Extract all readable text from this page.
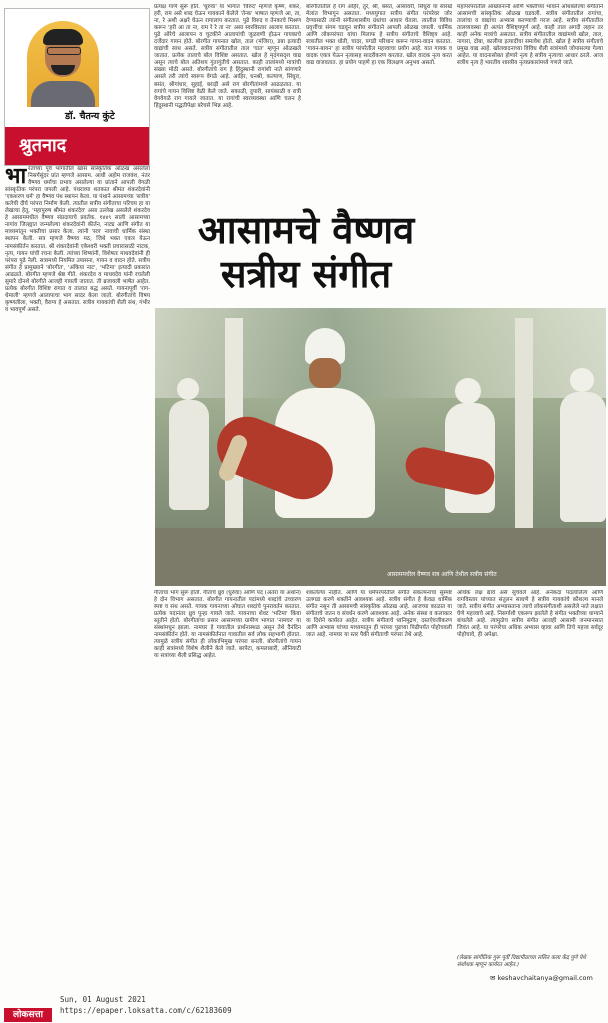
डॉ. चैतन्य कुंटे
श्रुतनाद
आसामचे वैष्णव
सत्रीय संगीत
आसाममधील वैष्णव सत्र आणि तेथील सत्रीय संगीत
भा रताच्या पूर्व भागातील खास सांस्कृतिक ओळख असलेला निसर्गसुंदर प्रांत म्हणजे आसाम. आधी अहोम राजवंश, नंतर वैष्णव धर्माचा प्रभाव असलेल्या या प्रांताने आपली वेगळी सांस्कृतिक परंपरा जपली आहे. पंधराव्या शतकात श्रीमंत शंकरदेवांनी 'एकशरण धर्म' हा वैष्णव पंथ स्थापन केला. या पंथाने आसामच्या 'सत्रीय' कलेची दीर्घ परंपरा निर्माण केली. त्यातील सत्रीय संगीताचा परिचय हा या लेखाचा हेतू. 'महापुरुष श्रीमंत शंकरदेव' असा उल्लेख असलेले शंकरदेव हे आसाममधील वैष्णव संप्रदायाचे प्रवर्तक. १४४९ साली आसामच्या नागांव जिल्ह्यात जन्मलेल्या शंकरदेवांनी कीर्तन, नाट्य आणि संगीत या माध्यमांतून भक्तीचा प्रसार केला. त्यांनी 'सत्र' नावाची धार्मिक संस्था स्थापन केली. सत्र म्हणजे वैष्णव मठ, जिथे भक्त एकत्र येऊन नामसंकीर्तन करतात. श्री शंकरदेवांनी एकेश्वरी भक्ती प्रचारासाठी नाटक, नृत्य, गायन यांची रचना केली. त्यांच्या शिष्यांनी, विशेषतः माधवदेवांनी ही परंपरा पुढे नेली. सत्रामध्ये नियमित उपासना, गायन व वादन होते. सत्रीय संगीत हे प्रामुख्याने 'बोरगीत', 'अंकिया नाट', 'भटिमा' इत्यादी प्रकारांत आढळते. बोरगीत म्हणजे श्रेष्ठ गीते. शंकरदेव व माधवदेव यांनी रचलेली सुमारे दोनशे बोरगीते आजही गायली जातात. ती ब्रजावली भाषेत आहेत. प्रत्येक बोरगीत विशिष्ट रागात व तालात बद्ध असते. गायनापूर्वी 'राग-धेमाली' म्हणजे आलापाचा भाग सादर केला जातो. बोरगीतांचे विषय कृष्णलीला, भक्ती, वैराग्य हे असतात. सत्रीय गायकांची शैली संथ, गंभीर व भावपूर्ण असते.
प्रत्यक्ष गाणे सुरू होते. 'धुरुवा' या भागात 'विरुद' म्हणजे कृष्ण, शंकर, हरी, राम असे शब्द घेऊन गायकाने केलेले 'तेन्क' भाषात म्हणजे आ, ता, ना, रे अशी अक्षरे घेऊन रागालाप करतात. पुढे विरुद व तेनकाचे मिश्रण करून 'हरी आ ता ना, राम रे रे ता ना' असा स्वरविस्तार आलाप करतात. पुढे ओरेचे आलापन व चुटकीने आलापांची जुळवणी होऊन गायकाचे दर्जेदार गायन होते. बोरगीत गायनात खोल, ताल (मंजिरा), डबा इत्यादी वाद्यांची साथ असते. सत्रीय संगीतातील ताल 'घात' म्हणून ओळखले जातात. प्रत्येक तालाचे बोल विशिष्ट असतात. खोल हे मृदंगसदृश वाद्य असून त्याचे बोल अतिशय गुंतागुंतीचे असतात. काही तालांमध्ये मात्रांची संख्या मोठी असते. बोरगीतांचे राग हे हिंदुस्थानी रागांशी नाते सांगणारे असले तरी त्यांचे स्वरूप वेगळे आहे. आहिर, धनश्री, कल्याण, सिंधुरा, बसंत, श्रीगांधार, सुहाई, बराड़ी असे राग बोरगीतांमध्ये आढळतात. या रागांचे गायन विशिष्ट वेळी केले जाते. सकाळी, दुपारी, सायंकाळी व रात्री वेगवेगळे राग गायले जातात. या रागांची स्वरव्यवस्था आणि चलन हे हिंदुस्थानी पद्धतीपेक्षा बरेचसे भिन्न आहे.
बोरगीतांतील हे राग अहिर, तुर, श्री, बसंत, आसावरी, सिंधुरा या सारखे मेलांत विभागून असतात. मध्ययुगात सत्रीय संगीत परंपरेवर जोर देण्यासाठी त्यांनी संगीतशास्त्रीय ग्रंथांचा आधार घेतला. त्यातील विविध प्रवृत्तींचा संगम घडवून सत्रीय संगीताने आपली ओळख जपली. धार्मिक आणि लोकपरंपरा यांचा मिलाफ हे सत्रीय संगीताचे वैशिष्ट्य आहे. सत्रातील भक्त धोती, चादर, पगडी परिधान करून गायन-वादन करतात. 'गायन-बायन' हा सत्रीय परंपरेतील महत्त्वाचा प्रयोग आहे. यात गायक व वादक एकत्र येऊन नृत्यासह सादरीकरण करतात. खोल वादक नृत्य करत वाद्य वाजवतात. हा प्रयोग पाहणे हा एक विलक्षण अनुभव असतो.
महापरंपरातील आख्यानांनी आणि भक्तीच्या भावाने ओथंबलेल्या संगीताने आसामची सांस्कृतिक ओळख घडवली. सत्रीय संगीतातील रागांचा, तालांचा व वाद्यांचा अभ्यास करण्याची गरज आहे. सत्रीय संगीतातील तालव्यवस्था ही अत्यंत वैशिष्ट्यपूर्ण आहे. काही ताल अगदी लहान तर काही अनेक मात्रांचे असतात. सत्रीय संगीतातील वाद्यांमध्ये खोल, ताल, नागारा, दोबा, कालीया इत्यादींचा समावेश होतो. खोल हे सत्रीय संगीताचे प्रमुख वाद्य आहे. खोलवादनाच्या विविध शैली सत्रांमध्ये जोपासल्या गेल्या आहेत. या वादनासोबत होणारे नृत्य हे सत्रीय नृत्याचा आधार ठरले. आज सत्रीय नृत्य हे भारतीय शास्त्रीय नृत्यप्रकारांमध्ये गणले जाते.
गीताचा भाग सुरू होतो. गीताचे ध्रुव (धुरुवा) आणि पद (अंतरा या अर्थाने) हे दोन विभाग असतात. बोरगीत गायनातील पदांमध्ये शब्दांचे उच्चारण स्पष्ट व संथ असते. गायक गायनाच्या ओघात शब्दांचे पुनरावर्तन करतात. प्रत्येक पदानंतर ध्रुव पुन्हा गायले जाते. गायनाचा शेवट 'भटिमा' किंवा स्तुतीने होतो. बोरगीतांचा प्रसार आसामच्या ग्रामीण भागात 'नामघर' या संस्थांमधून झाला. नामघर हे गावातील प्रार्थनास्थळ असून तेथे दैनंदिन नामसंकीर्तन होते. या नामसंकीर्तनात गावातील सर्व लोक सहभागी होतात. त्यामुळे सत्रीय संगीत ही लोकाभिमुख परंपरा बनली. बोरगीतांचे गायन काही सत्रांमध्ये विशेष शैलीने केले जाते. बरपेटा, कमलाबारी, औनियाटी या सत्रांच्या शैली प्रसिद्ध आहेत.
शकलेल्या नाहीत. आणि या धर्मपरंपरेतील संगीत संकल्पनांचा सुस्पष्ट उलगडा करणे शक्तीने आवश्यक आहे. सत्रीय संगीत हे केवळ धार्मिक संगीत नसून ती आसामची सांस्कृतिक ओळख आहे. आजच्या काळात या संगीताचे जतन व संवर्धन करणे आवश्यक आहे. अनेक संस्था व कलाकार या दिशेने कार्यरत आहेत. सत्रीय संगीताचे ध्वनिमुद्रण, दस्तऐवजीकरण आणि अभ्यास यांच्या माध्यमातून ही परंपरा पुढच्या पिढीपर्यंत पोहोचवली जात आहे. नामघर या स्तर पैकी संगीताची परंपरा तेथे आहे.
अधिक लक्ष द्यावे असे सुचवले आहे. अनेकदा पदलालित्य आणि रागविस्तार यांच्यात संतुलन साधणे हे सत्रीय गायकांचे कौशल्य मानले जाते. सत्रीय संगीत अभ्यासताना त्याचे लोकसंगीताशी असलेले नाते लक्षात घेणे महत्त्वाचे आहे. निसर्गाशी एकरूप झालेले हे संगीत भक्तीच्या धाग्याने बांधलेले आहे. त्यामुळेच सत्रीय संगीत आजही आसामी जनमानसात जिवंत आहे. या परंपरेचा अधिक अभ्यास व्हावा आणि तिचे महत्त्व सर्वदूर पोहोचावे, ही अपेक्षा.
(लेखक सांगीतिक गुरू पूर्वी विद्यापीठाच्या ललित कला केंद्र पुणे येथे संशोधक म्हणून कार्यरत आहेत.)
✉ keshavchaitanya@gmail.com
Sun, 01 August 2021
https://epaper.loksatta.com/c/62183609
लोकसत्ता
